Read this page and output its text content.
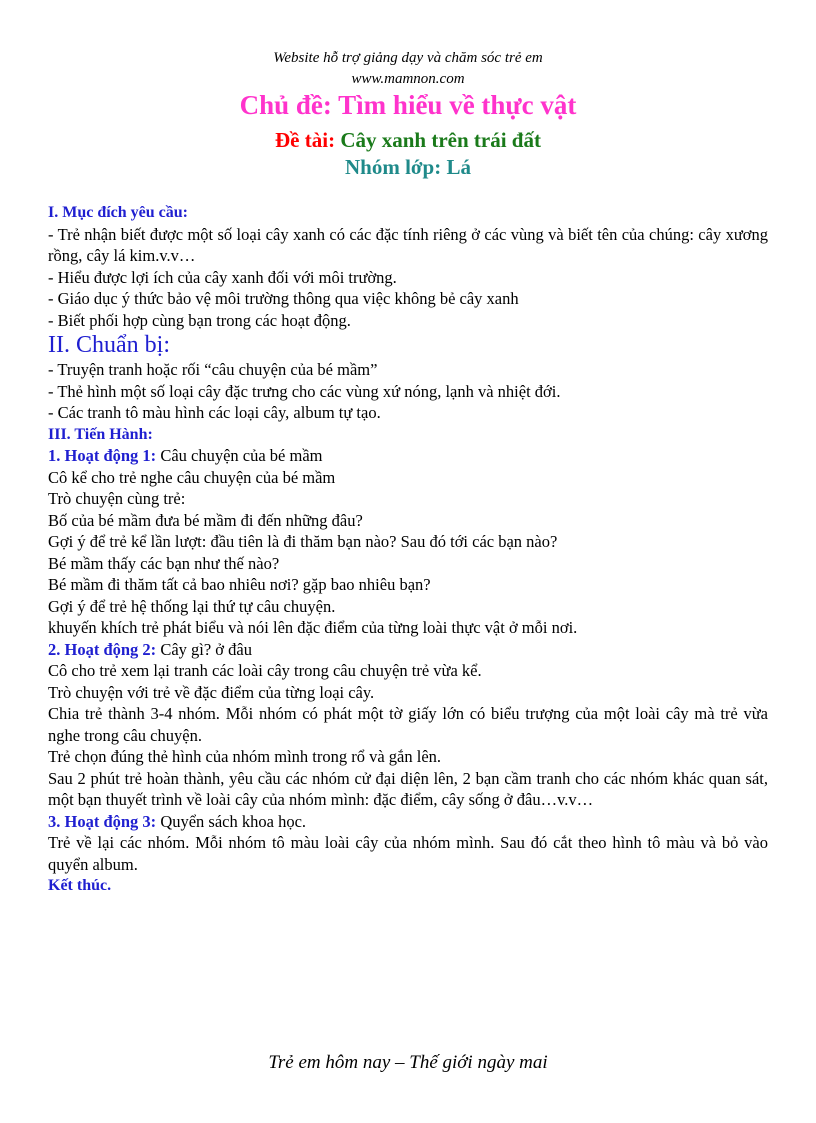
Website hỗ trợ giảng dạy và chăm sóc trẻ em
www.mamnon.com
Chủ đề: Tìm hiểu về thực vật
Đề tài: Cây xanh trên trái đất
Nhóm lớp: Lá

I. Mục đích yêu cầu:

- Trẻ nhận biết được một số loại cây xanh có các đặc tính riêng ở các vùng và biết tên của chúng: cây xương rồng, cây lá kim.v.v…

- Hiểu được lợi ích của cây xanh đối với môi trường.

- Giáo dục ý thức bảo vệ môi trường thông qua việc không bẻ cây xanh

- Biết phối hợp cùng bạn trong các hoạt động.

II. Chuẩn bị:

- Truyện tranh hoặc rối “câu chuyện của bé mầm”

- Thẻ hình một số loại cây đặc trưng cho các vùng xứ nóng, lạnh và nhiệt đới.

- Các tranh tô màu hình các loại cây, album tự tạo.

III. Tiến Hành:

1. Hoạt động 1: Câu chuyện của bé mầm

Cô kể cho trẻ nghe câu chuyện của bé mầm

Trò chuyện cùng trẻ:

Bố của bé mầm đưa bé mầm đi đến những đâu?

Gợi ý để trẻ kể lần lượt: đầu tiên là đi thăm bạn nào? Sau đó tới các bạn nào?

Bé mầm thấy các bạn như thế nào?

Bé mầm đi thăm tất cả bao nhiêu nơi? gặp bao nhiêu bạn?

Gợi ý để trẻ hệ thống lại thứ tự câu chuyện.

khuyến khích trẻ phát biểu và nói lên đặc điểm của từng loài thực vật ở mỗi nơi.

2. Hoạt động 2: Cây gì? ở đâu

Cô cho trẻ xem lại tranh các loài cây trong câu chuyện trẻ vừa kể.

Trò chuyện với trẻ về đặc điểm của từng loại cây.

Chia trẻ thành 3-4 nhóm. Mỗi nhóm có phát một tờ giấy lớn có biểu trượng của một loài cây mà trẻ vừa nghe trong câu chuyện.

Trẻ chọn đúng thẻ hình của nhóm mình trong rổ và gắn lên.

Sau 2 phút trẻ hoàn thành, yêu cầu các nhóm cử đại diện lên, 2 bạn cầm tranh cho các nhóm khác quan sát, một bạn thuyết trình về loài cây của nhóm mình: đặc điểm, cây sống ở đâu…v.v…

3. Hoạt động 3: Quyển sách khoa học.

Trẻ về lại các nhóm. Mỗi nhóm tô màu loài cây của nhóm mình. Sau đó cắt theo hình tô màu và bỏ vào quyển album.

Kết thúc.

Trẻ em hôm nay – Thế giới ngày mai
